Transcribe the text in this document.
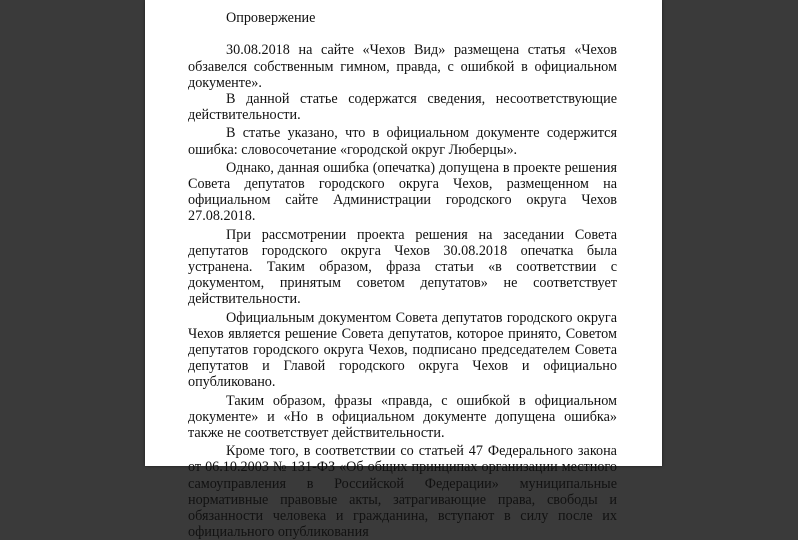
Опровержение

30.08.2018 на сайте «Чехов Вид» размещена статья «Чехов обзавелся собственным гимном, правда, с ошибкой в официальном документе».

В данной статье содержатся сведения, несоответствующие действительности.

В статье указано, что в официальном документе содержится ошибка: словосочетание «городской округ Люберцы».

Однако, данная ошибка (опечатка) допущена в проекте решения Совета депутатов городского округа Чехов, размещенном на официальном сайте Администрации городского округа Чехов 27.08.2018.

При рассмотрении проекта решения на заседании Совета депутатов городского округа Чехов 30.08.2018 опечатка была устранена. Таким образом, фраза статьи «в соответствии с документом, принятым советом депутатов» не соответствует действительности.

Официальным документом Совета депутатов городского округа Чехов является решение Совета депутатов, которое принято, Советом депутатов городского округа Чехов, подписано председателем Совета депутатов и Главой городского округа Чехов и официально опубликовано.

Таким образом, фразы «правда, с ошибкой в официальном документе» и «Но в официальном документе допущена ошибка» также не соответствует действительности.

Кроме того, в соответствии со статьей 47 Федерального закона от 06.10.2003 № 131-ФЗ «Об общих принципах организации местного самоуправления в Российской Федерации» муниципальные нормативные правовые акты, затрагивающие права, свободы и обязанности человека и гражданина, вступают в силу после их официального опубликования
